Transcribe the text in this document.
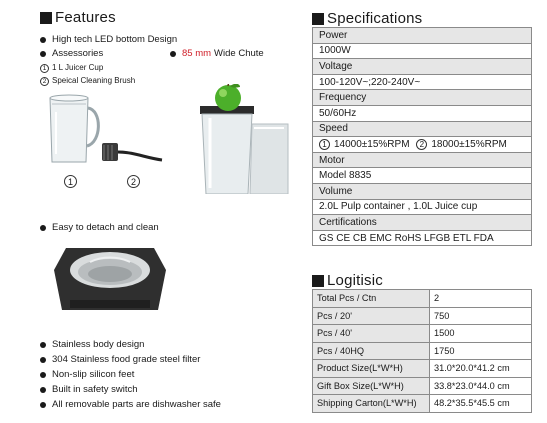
Features
High tech LED bottom Design
Assessories	85 mm Wide Chute
1 1 L Juicer Cup
2 Speical Cleaning Brush
1	2
Easy to detach and clean
Stainless body design
304 Stainless food grade steel filter
Non-slip silicon feet
Built in safety switch
All removable parts are dishwasher safe
Specifications
Power
1000W
Voltage
100-120V~;220-240V~
Frequency
50/60Hz
Speed
1 14000±15%RPM 2 18000±15%RPM
Motor
Model 8835
Volume
2.0L Pulp container , 1.0L Juice cup
Certifications
GS CE CB EMC RoHS LFGB ETL FDA
Logitisic
Total Pcs / Ctn	2
Pcs / 20'	750
Pcs / 40'	1500
Pcs / 40HQ	1750
Product Size(L*W*H)	31.0*20.0*41.2 cm
Gift Box Size(L*W*H)	33.8*23.0*44.0 cm
Shipping Carton(L*W*H)	48.2*35.5*45.5 cm
